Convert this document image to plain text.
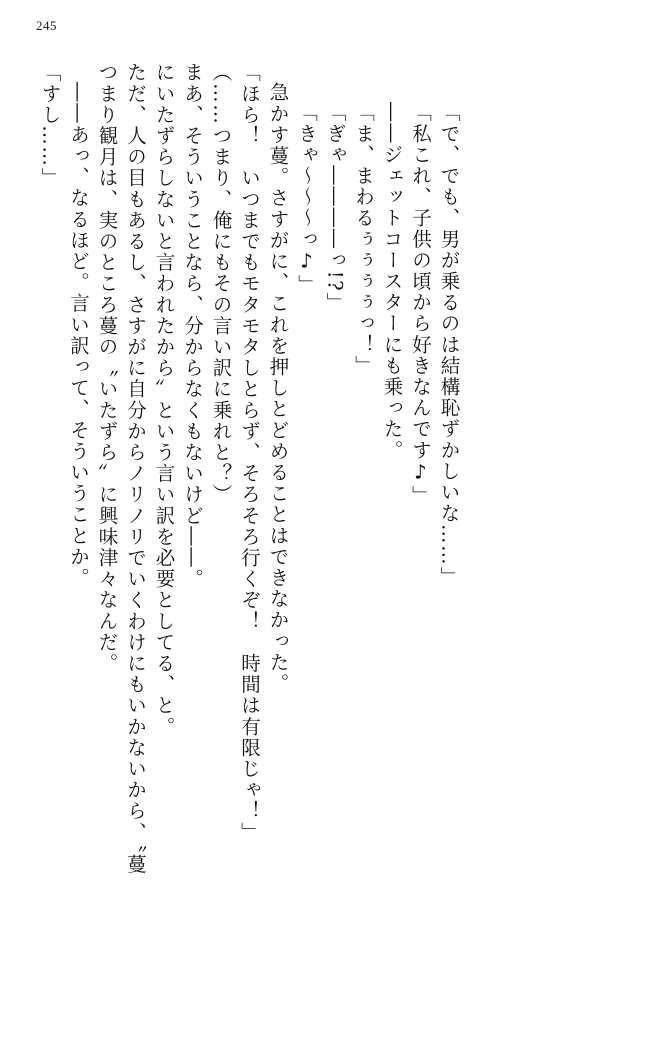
245
「すし……」 ――あっ、なるほど。言い訳って、そういうことか。 つまり観月は、実のところ蔓の〝いたずら〟に興味津々なんだ。 ただ、人の目もあるし、さすがに自分からノリノリでいくわけにもいかないから、〝蔓 にいたずらしないと言われたから〟という言い訳を必要としてる、と。 まあ、そういうことなら、分からなくもないけど――。 （……つまり、俺にもその言い訳に乗れと？） 「ほら！　いつまでもモタモタしとらず、そろそろ行くぞ！　時間は有限じゃ！」 急かす蔓。さすがに、これを押しとどめることはできなかった。 「きゃ～～～っ♪」 「ぎゃ――――っ!?」 「ま、まわるぅぅぅぅっ！」 ――ジェットコースターにも乗った。 「私これ、子供の頃から好きなんです♪」 「で、でも、男が乗るのは結構恥ずかしいな……」
